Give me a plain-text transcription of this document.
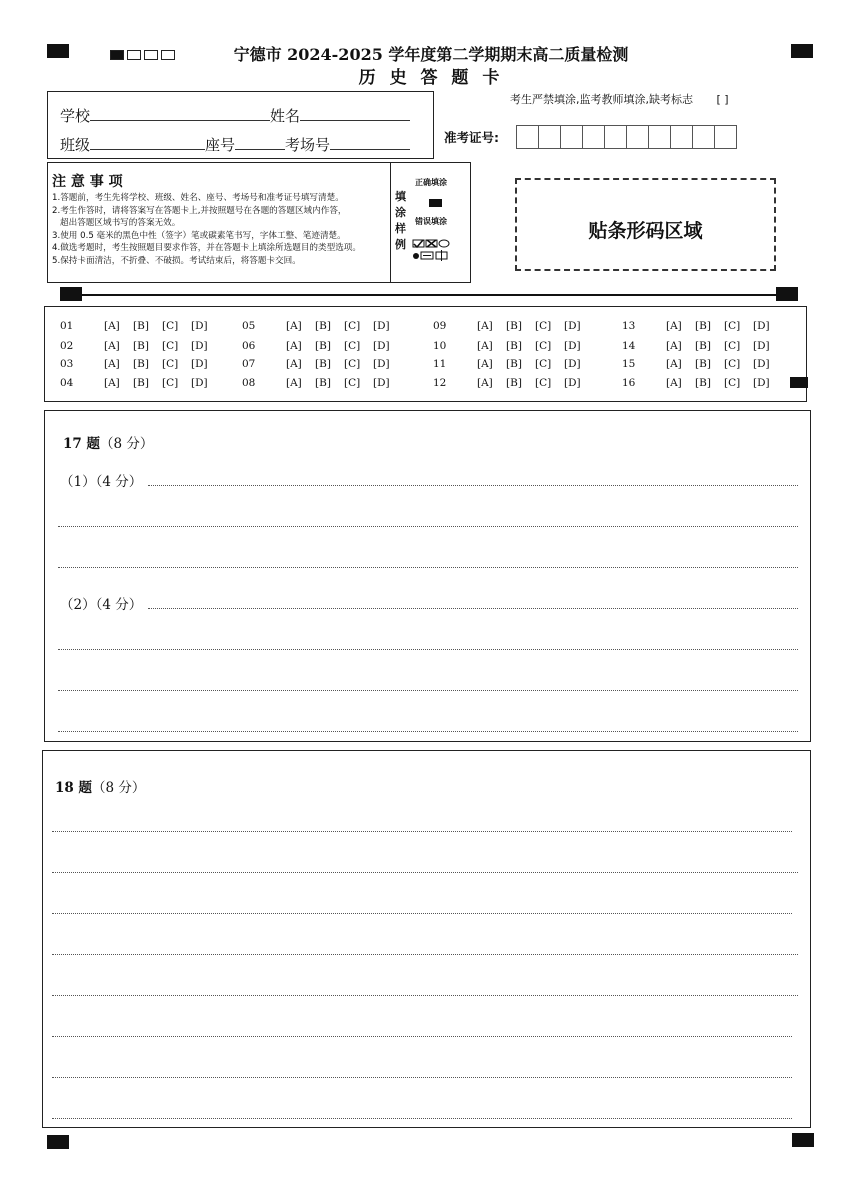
宁德市 2024-2025 学年度第二学期期末高二质量检测
历 史 答 题 卡
学校	姓名
班级	座号	考场号
考生严禁填涂,监考教师填涂,缺考标志 [ ]
准考证号:
注 意 事 项
1.答题前，考生先将学校、班级、姓名、座号、考场号和准考证号填写清楚。
2.考生作答时，请将答案写在答题卡上,并按照题号在各题的答题区域内作答，
超出答题区域书写的答案无效。
3.使用 0.5 毫米的黑色中性（签字）笔或碳素笔书写，字体工整、笔迹清楚。
4.做选考题时，考生按照题目要求作答，并在答题卡上填涂所选题目的类型选项。
5.保持卡面清洁，不折叠、不破损。考试结束后，将答题卡交回。
填
涂
样
例
正确填涂
错误填涂	贴条形码区域
01	[A] [B] [C] [D]
02	[A] [B] [C] [D]
03	[A] [B] [C] [D]
04	[A] [B] [C] [D]
05	[A] [B] [C] [D]
06	[A] [B] [C] [D]
07	[A] [B] [C] [D]
08	[A] [B] [C] [D]
09	[A] [B] [C] [D]
10	[A] [B] [C] [D]
11	[A] [B] [C] [D]
12	[A] [B] [C] [D]
13	[A] [B] [C] [D]
14	[A] [B] [C] [D]
15	[A] [B] [C] [D]
16	[A] [B] [C] [D]
17 题（8 分）
（1）（4 分）
（2）（4 分）
18 题（8 分）
